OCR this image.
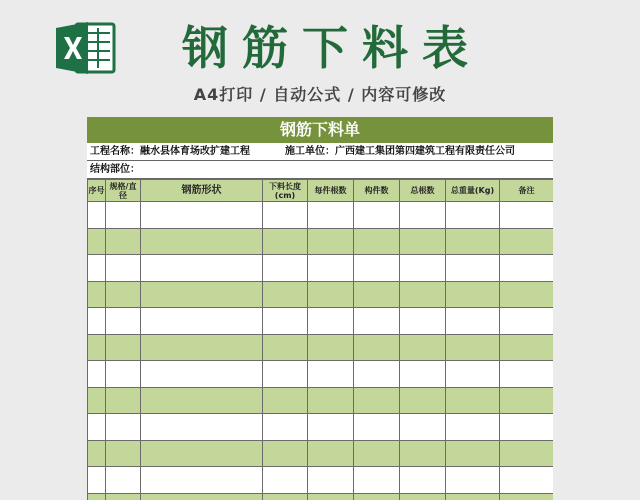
钢筋下料表
A4打印 / 自动公式 / 内容可修改
钢筋下料单
工程名称：融水县体育场改扩建工程	施工单位：广西建工集团第四建筑工程有限责任公司
结构部位：
序号	规格/直径	钢筋形状	下料长度(cm)	每件根数	构件数	总根数	总重量(Kg)	备注
